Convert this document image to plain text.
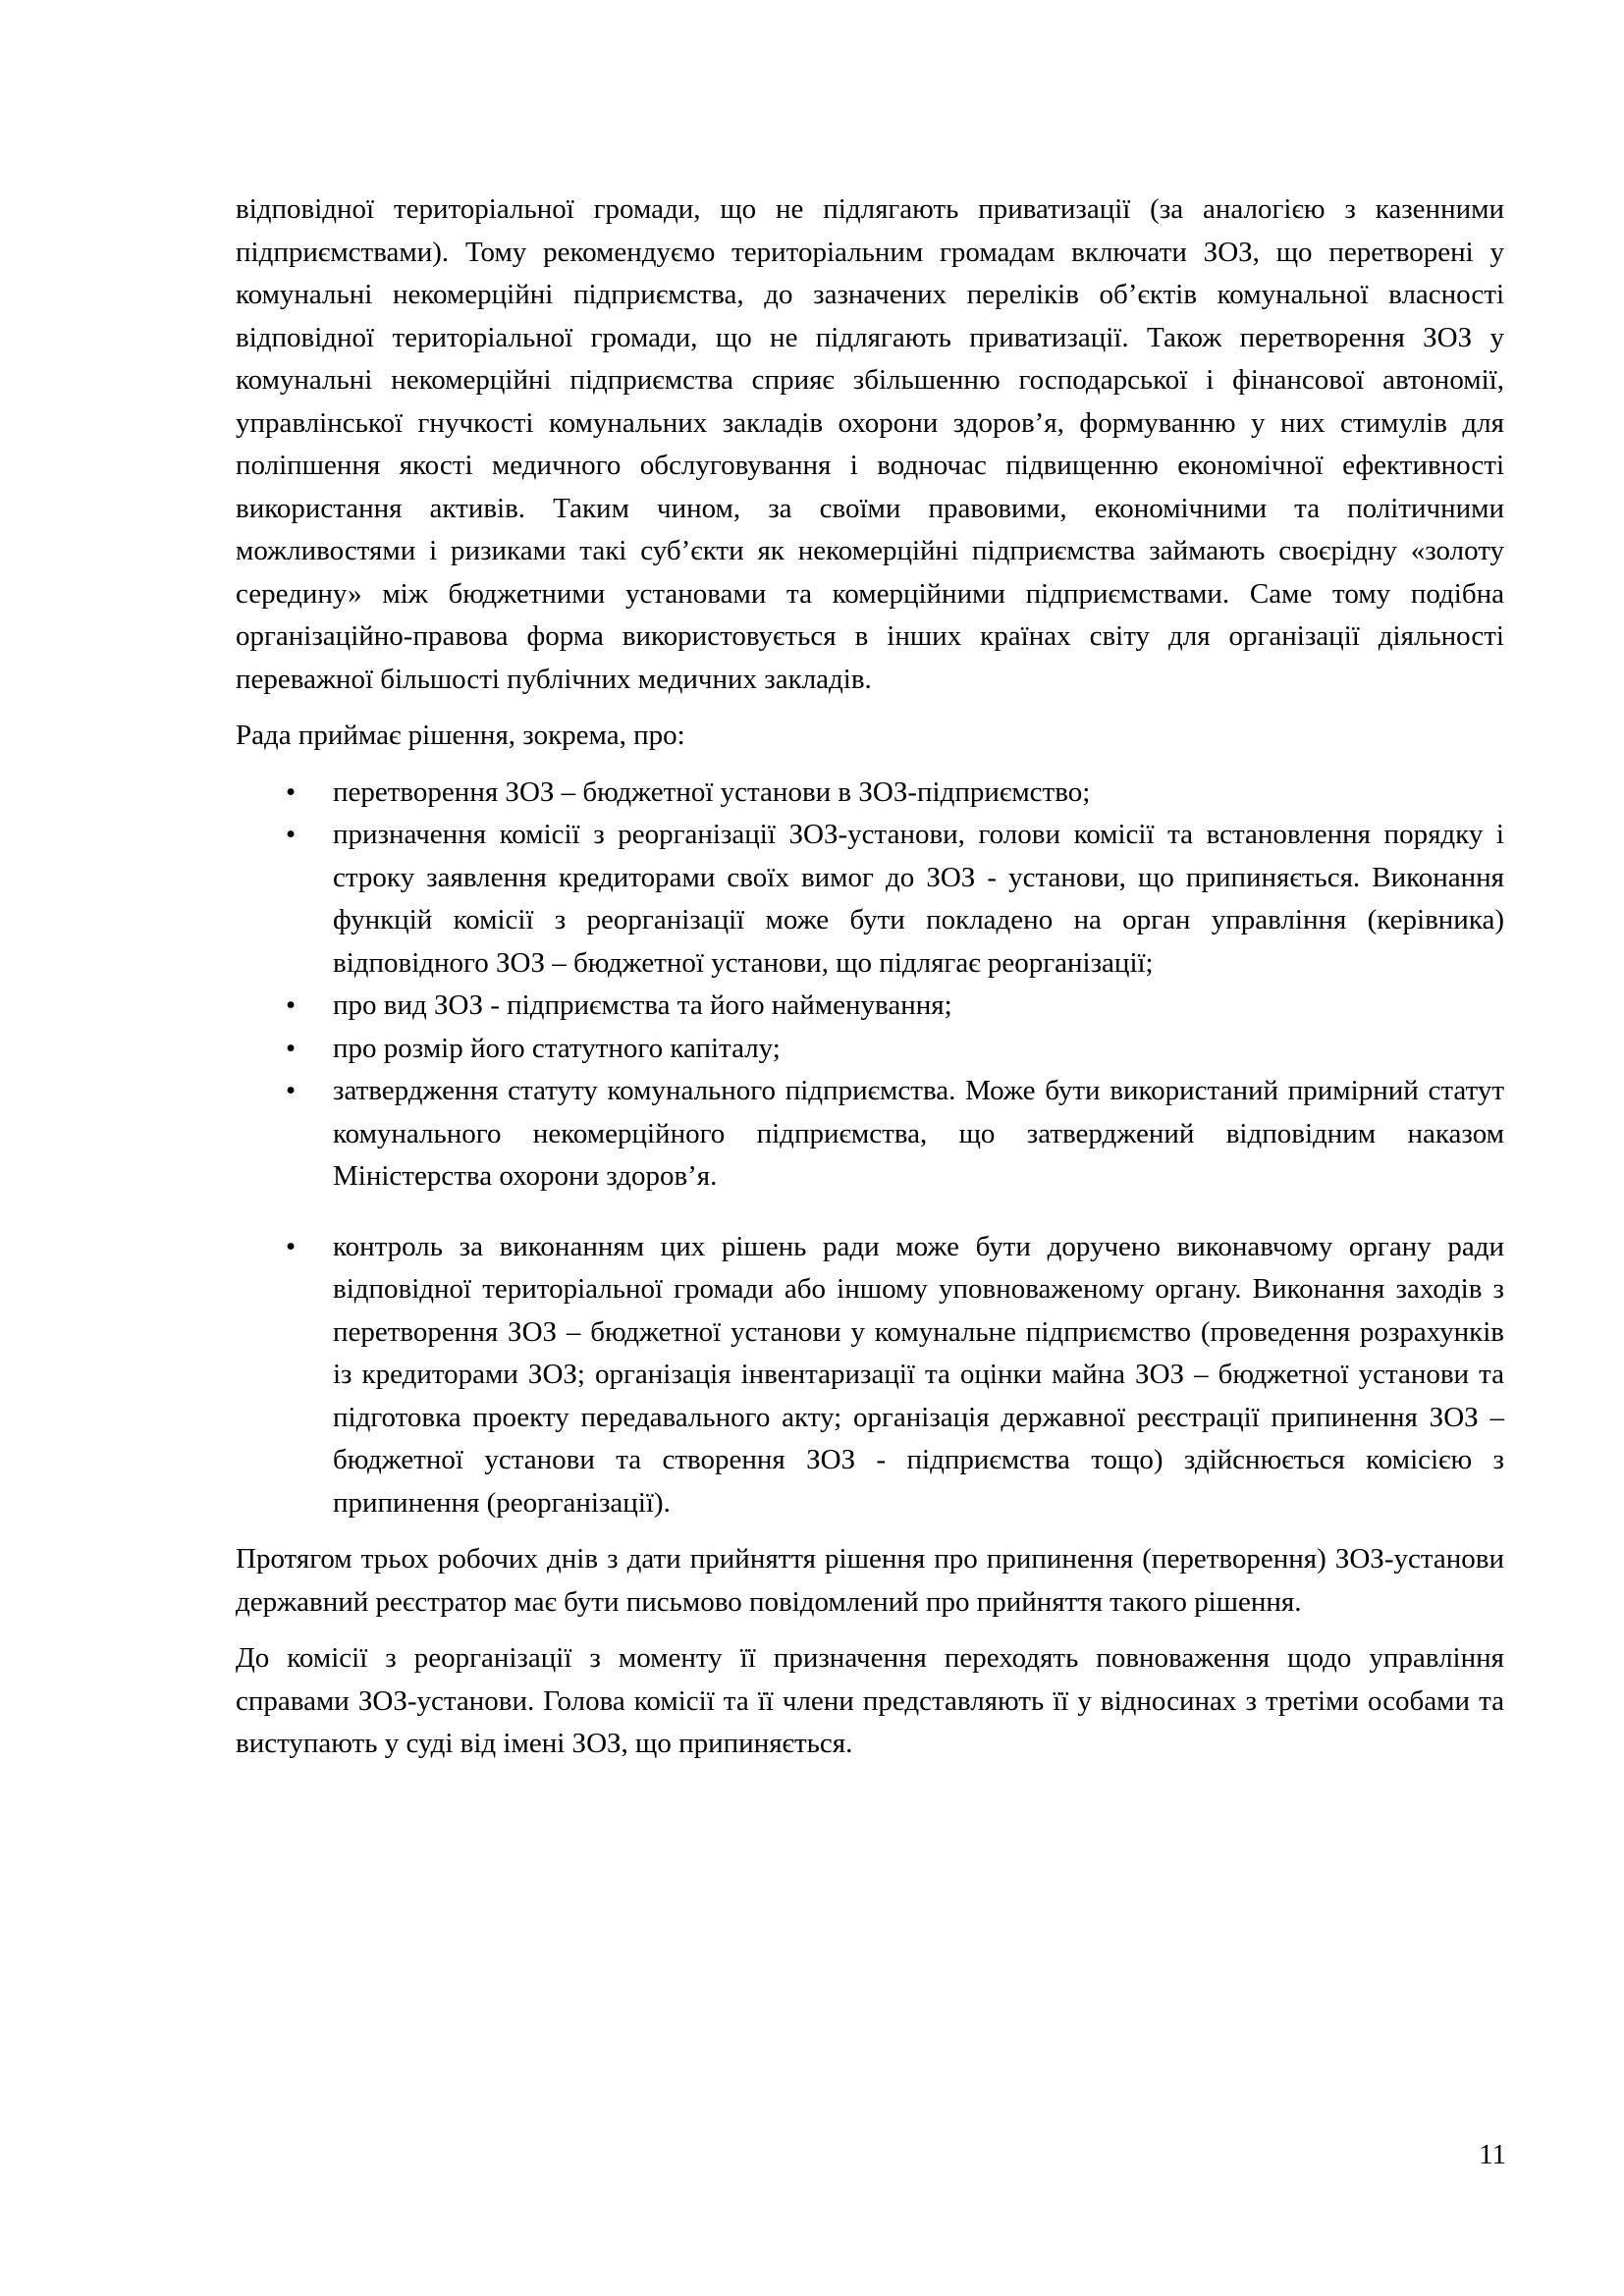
відповідної територіальної громади, що не підлягають приватизації (за аналогією з казенними підприємствами). Тому рекомендуємо територіальним громадам включати ЗОЗ, що перетворені у комунальні некомерційні підприємства, до зазначених переліків об’єктів комунальної власності відповідної територіальної громади, що не підлягають приватизації. Також перетворення ЗОЗ у комунальні некомерційні підприємства сприяє збільшенню господарської і фінансової автономії, управлінської гнучкості комунальних закладів охорони здоров’я, формуванню у них стимулів для поліпшення якості медичного обслуговування і водночас підвищенню економічної ефективності використання активів. Таким чином, за своїми правовими, економічними та політичними можливостями і ризиками такі суб’єкти як некомерційні підприємства займають своєрідну «золоту середину» між бюджетними установами та комерційними підприємствами. Саме тому подібна організаційно-правова форма використовується в інших країнах світу для організації діяльності переважної більшості публічних медичних закладів.

Рада приймає рішення, зокрема, про:

•	перетворення ЗОЗ – бюджетної установи в ЗОЗ-підприємство;
•	призначення комісії з реорганізації ЗОЗ-установи, голови комісії та встановлення порядку і строку заявлення кредиторами своїх вимог до ЗОЗ - установи, що припиняється. Виконання функцій комісії з реорганізації може бути покладено на орган управління (керівника) відповідного ЗОЗ – бюджетної установи, що підлягає реорганізації;
•	про вид ЗОЗ - підприємства та його найменування;
•	про розмір його статутного капіталу;
•	затвердження статуту комунального підприємства. Може бути використаний примірний статут комунального некомерційного підприємства, що затверджений відповідним наказом Міністерства охорони здоров’я.
•	контроль за виконанням цих рішень ради може бути доручено виконавчому органу ради відповідної територіальної громади або іншому уповноваженому органу. Виконання заходів з перетворення ЗОЗ – бюджетної установи у комунальне підприємство (проведення розрахунків із кредиторами ЗОЗ; організація інвентаризації та оцінки майна ЗОЗ – бюджетної установи та підготовка проекту передавального акту; організація державної реєстрації припинення ЗОЗ – бюджетної установи та створення ЗОЗ - підприємства тощо) здійснюється комісією з припинення (реорганізації).

Протягом трьох робочих днів з дати прийняття рішення про припинення (перетворення) ЗОЗ-установи державний реєстратор має бути письмово повідомлений про прийняття такого рішення.

До комісії з реорганізації з моменту її призначення переходять повноваження щодо управління справами ЗОЗ-установи. Голова комісії та її члени представляють її у відносинах з третіми особами та виступають у суді від імені ЗОЗ, що припиняється.

11
